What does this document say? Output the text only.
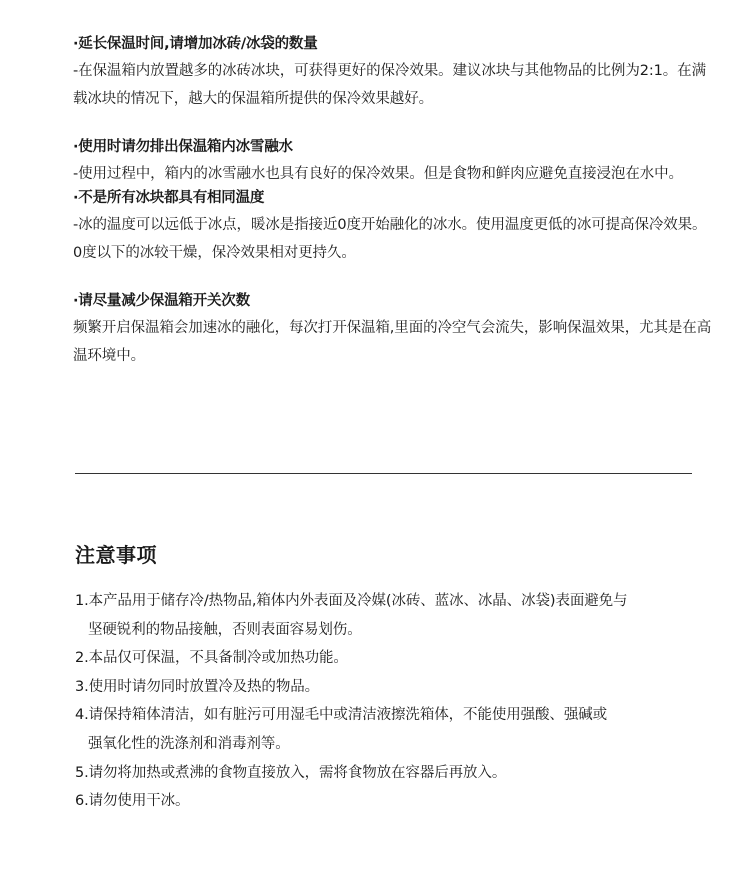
·延长保温时间,请增加冰砖/冰袋的数量
-在保温箱内放置越多的冰砖冰块，可获得更好的保冷效果。建议冰块与其他物品的比例为2:1。在满载冰块的情况下，越大的保温箱所提供的保冷效果越好。
·使用时请勿排出保温箱内冰雪融水
-使用过程中，箱内的冰雪融水也具有良好的保冷效果。但是食物和鲜肉应避免直接浸泡在水中。
·不是所有冰块都具有相同温度
-冰的温度可以远低于冰点，暖冰是指接近0度开始融化的冰水。使用温度更低的冰可提高保冷效果。0度以下的冰较干燥，保冷效果相对更持久。
·请尽量减少保温箱开关次数
频繁开启保温箱会加速冰的融化，每次打开保温箱,里面的冷空气会流失，影响保温效果，尤其是在高温环境中。
注意事项
1.本产品用于储存冷/热物品,箱体内外表面及冷媒(冰砖、蓝冰、冰晶、冰袋)表面避免与
坚硬锐利的物品接触，否则表面容易划伤。
2.本品仅可保温，不具备制冷或加热功能。
3.使用时请勿同时放置冷及热的物品。
4.请保持箱体清洁，如有脏污可用湿毛中或清洁液擦洗箱体，不能使用强酸、强碱或
强氧化性的洗涤剂和消毒剂等。
5.请勿将加热或煮沸的食物直接放入，需将食物放在容器后再放入。
6.请勿使用干冰。
